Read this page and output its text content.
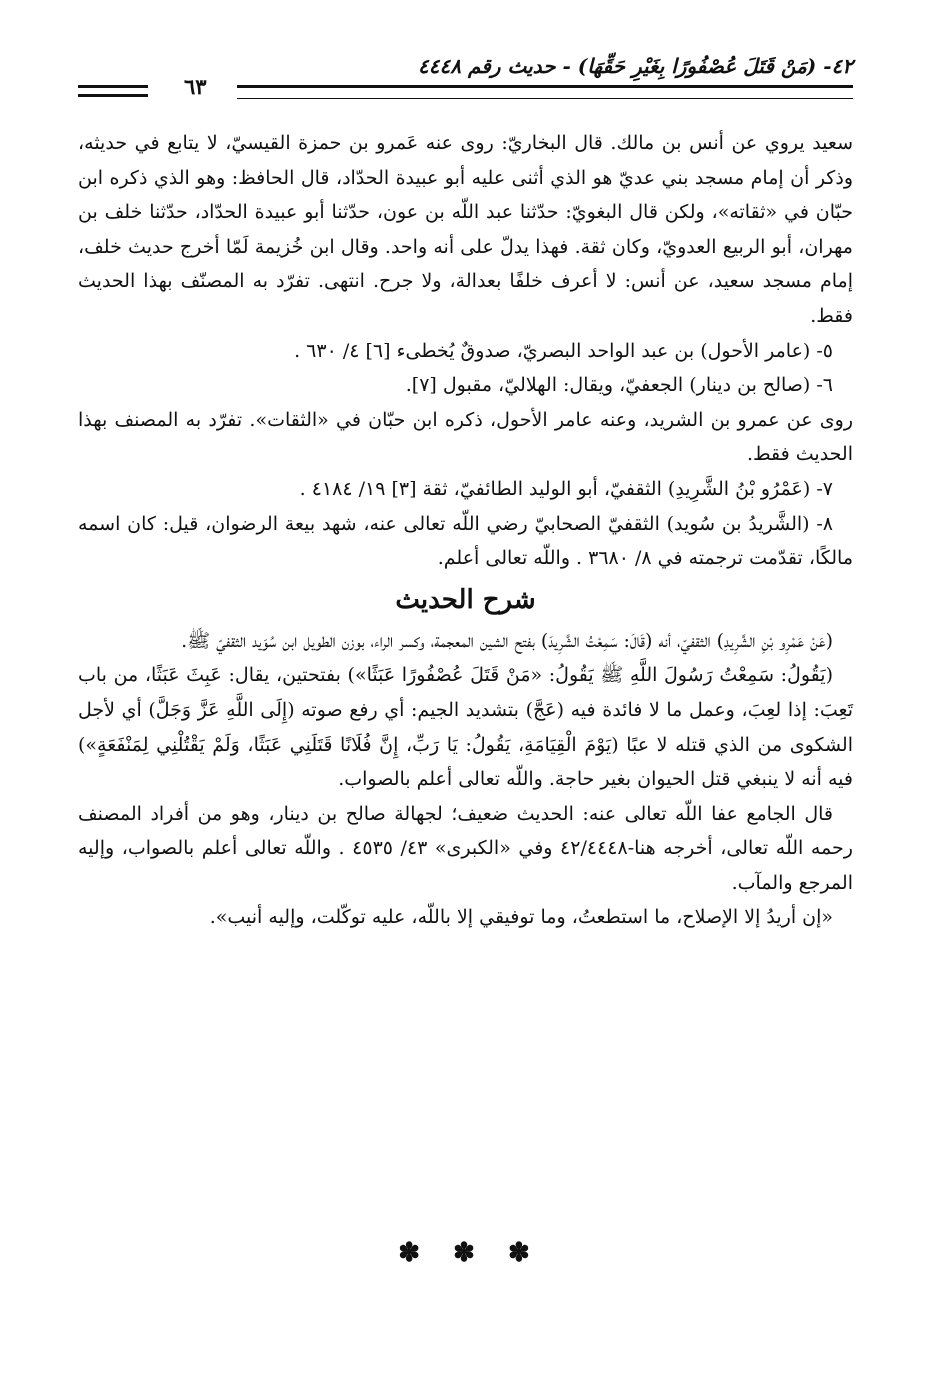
٤٢- (مَنْ قَتَلَ عُصْفُورًا بِغَيْرِ حَقِّهَا) - حديث رقم ٤٤٤٨
٦٣

سعيد يروي عن أنس بن مالك. قال البخاريّ: روى عنه عَمرو بن حمزة القيسيّ، لا يتابع في حديثه، وذكر أن إمام مسجد بني عديّ هو الذي أثنى عليه أبو عبيدة الحدّاد، قال الحافظ: وهو الذي ذكره ابن حبّان في «ثقاته»، ولكن قال البغويّ: حدّثنا عبد اللّه بن عون، حدّثنا أبو عبيدة الحدّاد، حدّثنا خلف بن مهران، أبو الربيع العدويّ، وكان ثقة. فهذا يدلّ على أنه واحد. وقال ابن خُزيمة لَمّا أخرج حديث خلف، إمام مسجد سعيد، عن أنس: لا أعرف خلفًا بعدالة، ولا جرح. انتهى. تفرّد به المصنّف بهذا الحديث فقط.

٥- (عامر الأحول) بن عبد الواحد البصريّ، صدوقٌ يُخطىء [٦] ٤/ ٦٣٠ .

٦- (صالح بن دينار) الجعفيّ، ويقال: الهلاليّ، مقبول [٧].

روى عن عمرو بن الشريد، وعنه عامر الأحول، ذكره ابن حبّان في «الثقات». تفرّد به المصنف بهذا الحديث فقط.

٧- (عَمْرُو بْنُ الشَّرِيدِ) الثقفيّ، أبو الوليد الطائفيّ، ثقة [٣] ١٩/ ٤١٨٤ .

٨- (الشَّريدُ بن سُويد) الثقفيّ الصحابيّ رضي اللّه تعالى عنه، شهد بيعة الرضوان، قيل: كان اسمه مالكًا، تقدّمت ترجمته في ٨/ ٣٦٨٠ . واللّه تعالى أعلم.

شرح الحديث

(عَنْ عَمْرِو بْنِ الشَّرِيدِ) الثقفيّ، أنه (قَالَ: سَمِعْتُ الشَّرِيدَ) بفتح الشين المعجمة، وكسر الراء، بوزن الطويل ابن سُوَيد الثقفيّ ﷺ.

(يَقُولُ: سَمِعْتُ رَسُولَ اللَّهِ ﷺ يَقُولُ: «مَنْ قَتَلَ عُصْفُورًا عَبَثًا») بفتحتين، يقال: عَبِثَ عَبَثًا، من باب تَعِبَ: إذا لعِبَ، وعمل ما لا فائدة فيه (عَجَّ) بتشديد الجيم: أي رفع صوته (إِلَى اللَّهِ عَزَّ وَجَلَّ) أي لأجل الشكوى من الذي قتله لا عبًا (يَوْمَ الْقِيَامَةِ، يَقُولُ: يَا رَبِّ، إِنَّ فُلَانًا قَتَلَنِي عَبَثًا، وَلَمْ يَقْتُلْنِي لِمَنْفَعَةٍ») فيه أنه لا ينبغي قتل الحيوان بغير حاجة. واللّه تعالى أعلم بالصواب.

قال الجامع عفا اللّه تعالى عنه: الحديث ضعيف؛ لجهالة صالح بن دينار، وهو من أفراد المصنف رحمه اللّه تعالى، أخرجه هنا-٤٢/٤٤٤٨ وفي «الكبرى» ٤٣/ ٤٥٣٥ . واللّه تعالى أعلم بالصواب، وإليه المرجع والمآب.

«إن أريدُ إلا الإصلاح، ما استطعتُ، وما توفيقي إلا باللّه، عليه توكّلت، وإليه أنيب».

✽ ✽ ✽
